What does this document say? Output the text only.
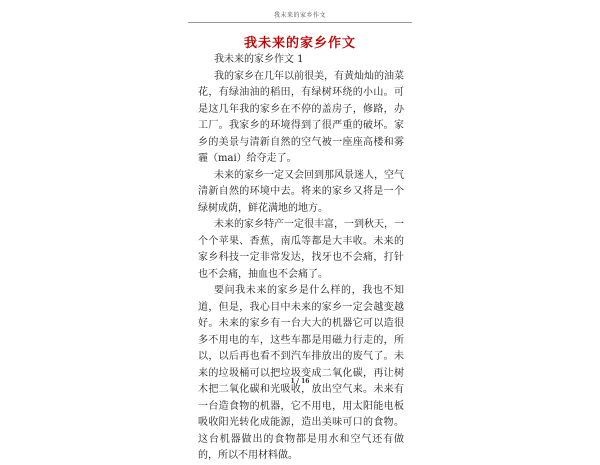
我未来的家乡作文
我未来的家乡作文

我未来的家乡作文 1

我的家乡在几年以前很美，有黄灿灿的油菜花，有绿油油的稻田，有绿树环绕的小山。可是这几年我的家乡在不停的盖房子，修路，办工厂。我家乡的环境得到了很严重的破坏。家乡的美景与清新自然的空气被一座座高楼和雾霾（mai）给夺走了。

未来的家乡一定又会回到那风景迷人，空气清新自然的环境中去。将来的家乡又将是一个绿树成荫，鲜花满地的地方。

未来的家乡特产一定很丰富，一到秋天，一个个苹果、香蕉，南瓜等都是大丰收。未来的家乡科技一定非常发达，找牙也不会痛，打针也不会痛，抽血也不会痛了。

要问我未来的家乡是什么样的，我也不知道，但是，我心目中未来的家乡一定会越变越好。未来的家乡有一台大大的机器它可以造很多不用电的车，这些车都是用磁力行走的，所以，以后再也看不到汽车排放出的废气了。未来的垃圾桶可以把垃圾变成二氧化碳，再让树木把二氧化碳和光吸收，放出空气来。未来有一台造食物的机器，它不用电，用太阳能电板吸收阳光转化成能源，造出美味可口的食物。这台机器做出的食物都是用水和空气还有做的，所以不用材料做。

1 / 16
